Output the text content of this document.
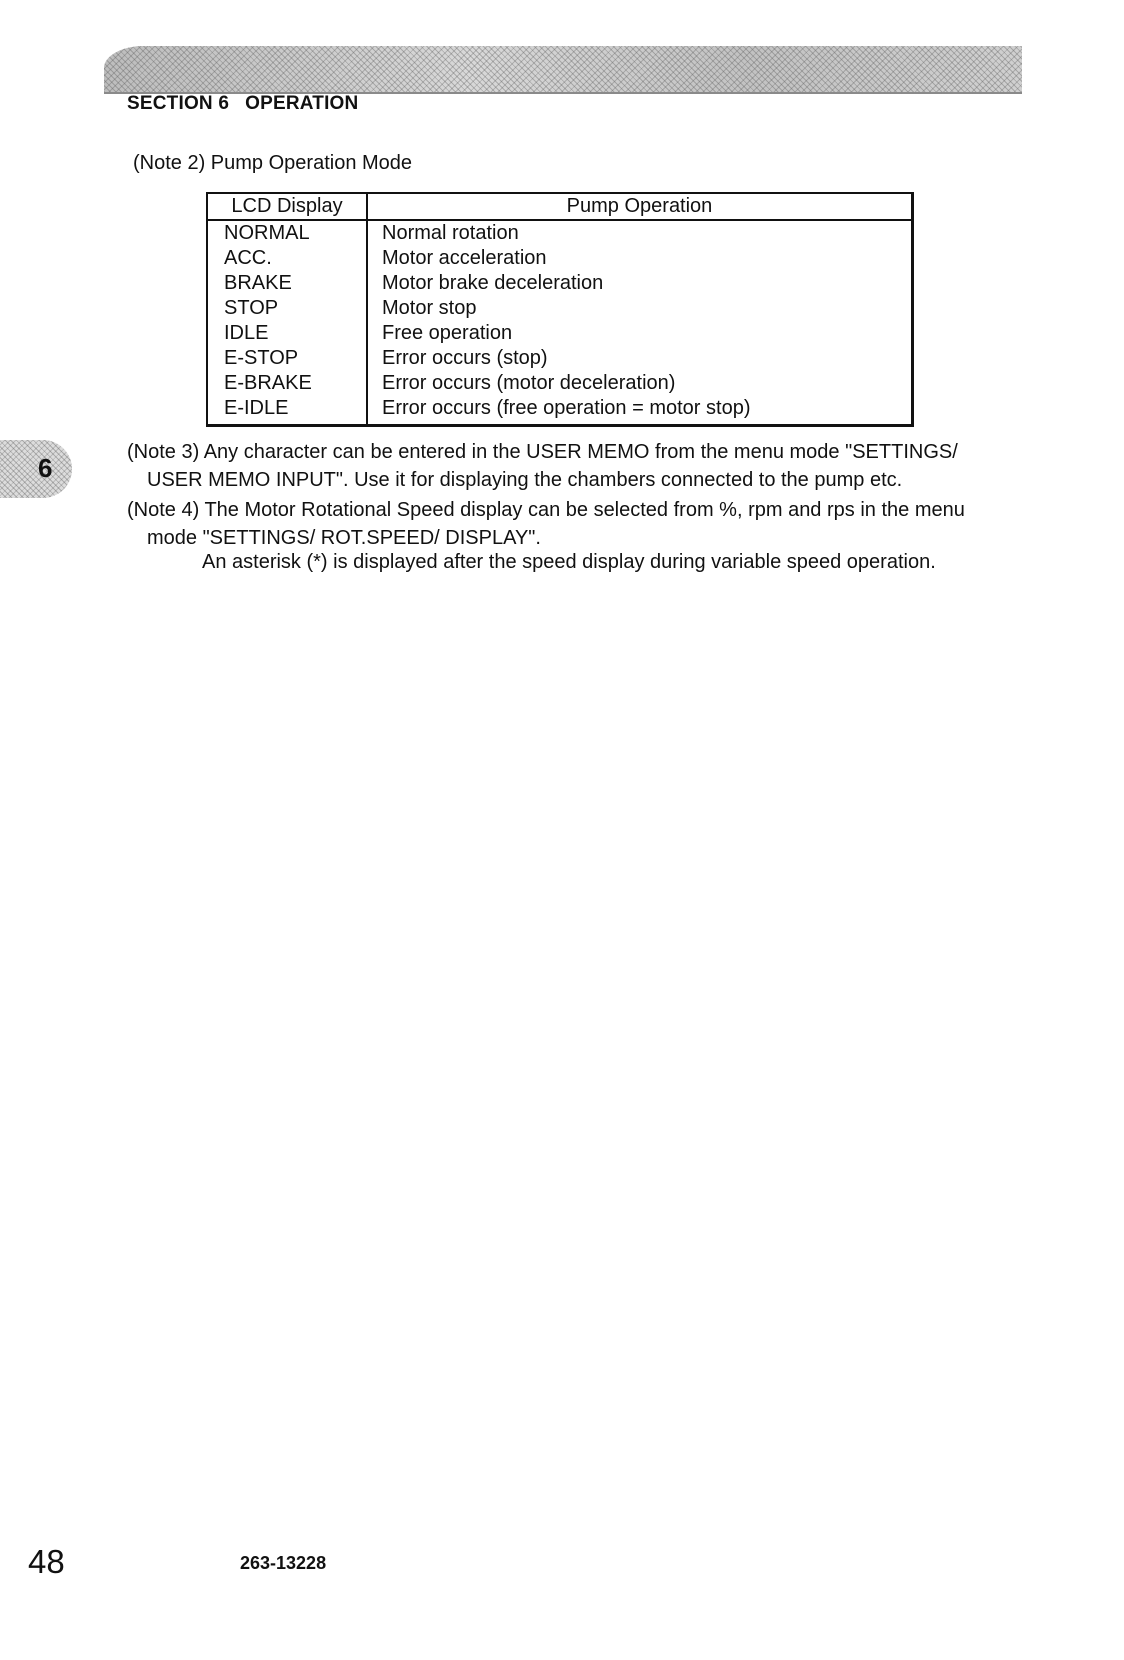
SECTION 6 OPERATION
(Note 2) Pump Operation Mode
LCD Display	Pump Operation
NORMAL	Normal rotation
ACC.	Motor acceleration
BRAKE	Motor brake deceleration
STOP	Motor stop
IDLE	Free operation
E-STOP	Error occurs (stop)
E-BRAKE	Error occurs (motor deceleration)
E-IDLE	Error occurs (free operation = motor stop)
6

(Note 3) Any character can be entered in the USER MEMO from the menu mode "SETTINGS/
USER MEMO INPUT". Use it for displaying the chambers connected to the pump etc.

(Note 4) The Motor Rotational Speed display can be selected from %, rpm and rps in the menu
mode "SETTINGS/ ROT.SPEED/ DISPLAY".

An asterisk (*) is displayed after the speed display during variable speed operation.
48	263-13228
